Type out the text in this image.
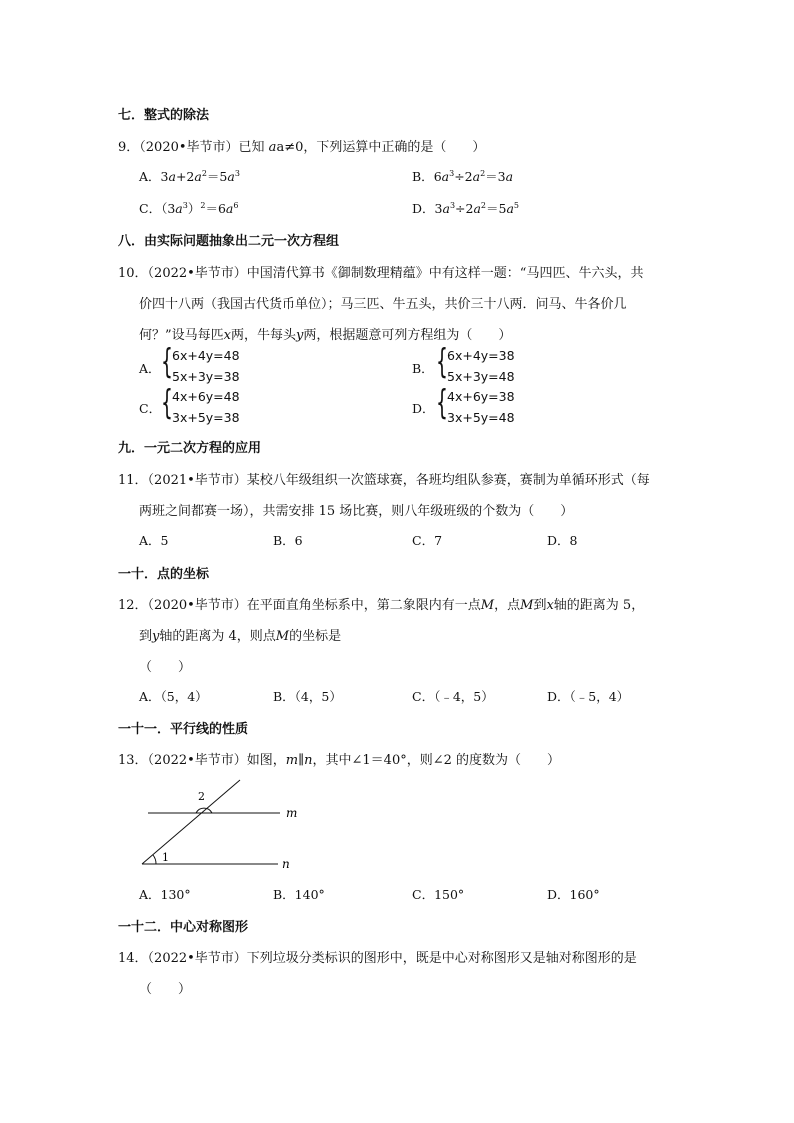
七．整式的除法
9．（2020•毕节市）已知 aa≠0，下列运算中正确的是（　　）
A．$3a+2a^2=5a^3$	B．$6a^3\div 2a^2=3a$
C．$(3a^3)^2=6a^6$	D．$3a^3\div 2a^2=5a^5$
八．由实际问题抽象出二元一次方程组
10．（2022•毕节市）中国清代算书《御制数理精蕴》中有这样一题：“马四匹、牛六头，共
价四十八两（我国古代货币单位）；马三匹、牛五头，共价三十八两．问马、牛各价几
何？”设马每匹x两，牛每头y两，根据题意可列方程组为（　　）
A． { 6x+4y=48
5x+3y=38
B． { 6x+4y=38
5x+3y=48
C． { 4x+6y=48
3x+5y=38
D． { 4x+6y=38
3x+5y=48
九．一元二次方程的应用
11．（2021•毕节市）某校八年级组织一次篮球赛，各班均组队参赛，赛制为单循环形式（每
两班之间都赛一场），共需安排 15 场比赛，则八年级班级的个数为（　　）
A．5	B．6	C．7	D．8
一十．点的坐标
12．（2020•毕节市）在平面直角坐标系中，第二象限内有一点M，点M到x轴的距离为 5，
到y轴的距离为 4，则点M的坐标是
（　　）
A．（5，4）	B．（4，5）	C．（﹣4，5）	D．（﹣5，4）
一十一．平行线的性质
13．（2022•毕节市）如图，m∥n，其中∠1＝40°，则∠2 的度数为（　　）
2
1
m
n
A．130°	B．140°	C．150°	D．160°
一十二．中心对称图形
14．（2022•毕节市）下列垃圾分类标识的图形中，既是中心对称图形又是轴对称图形的是
（　　）
